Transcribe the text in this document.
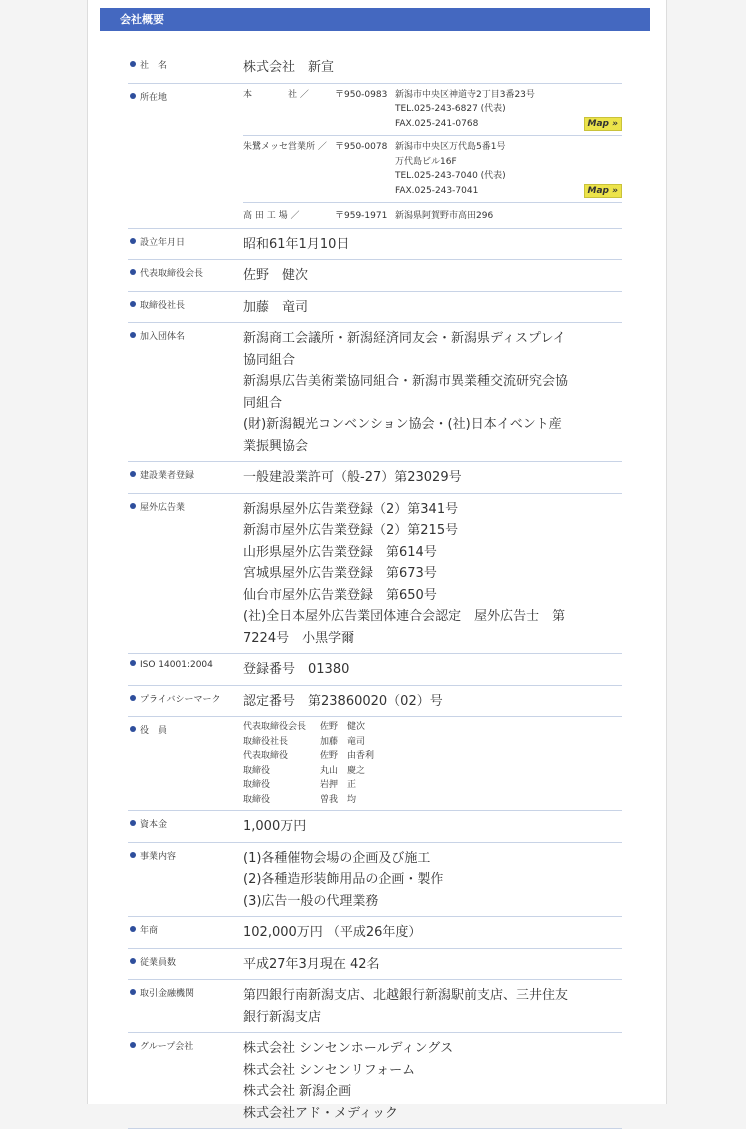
会社概要
社　名	株式会社　新宣
所在地	本　　　　社 ／	〒950-0983 新潟市中央区神道寺2丁目3番23号
TEL.025-243-6827 (代表)
FAX.025-241-0768	Map »
朱鷺メッセ営業所 ／ 〒950-0078 新潟市中央区万代島5番1号
万代島ビル16F
TEL.025-243-7040 (代表)
FAX.025-243-7041	Map »
高 田 工 場 ／	〒959-1971 新潟県阿賀野市高田296
設立年月日	昭和61年1月10日
代表取締役会長	佐野　健次
取締役社長	加藤　竜司
加入団体名	新潟商工会議所・新潟経済同友会・新潟県ディスプレイ
協同組合
新潟県広告美術業協同組合・新潟市異業種交流研究会協
同組合
(財)新潟観光コンベンション協会・(社)日本イベント産
業振興協会
建設業者登録	一般建設業許可（般-27）第23029号
屋外広告業	新潟県屋外広告業登録（2）第341号
新潟市屋外広告業登録（2）第215号
山形県屋外広告業登録　第614号
宮城県屋外広告業登録　第673号
仙台市屋外広告業登録　第650号
(社)全日本屋外広告業団体連合会認定　屋外広告士　第
7224号　小黒学爾
ISO 14001:2004	登録番号　01380
プライバシーマーク	認定番号　第23860020（02）号
役　員	代表取締役会長	佐野　健次
取締役社長	加藤　竜司
代表取締役	佐野　由香利
取締役	丸山　慶之
取締役	岩押　正
取締役	曽我　均
資本金	1,000万円
事業内容	(1)各種催物会場の企画及び施工
(2)各種造形装飾用品の企画・製作
(3)広告一般の代理業務
年商	102,000万円 （平成26年度）
従業員数	平成27年3月現在 42名
取引金融機関	第四銀行南新潟支店、北越銀行新潟駅前支店、三井住友
銀行新潟支店
グループ会社	株式会社 シンセンホールディングス
株式会社 シンセンリフォーム
株式会社 新潟企画
株式会社アド・メディック
